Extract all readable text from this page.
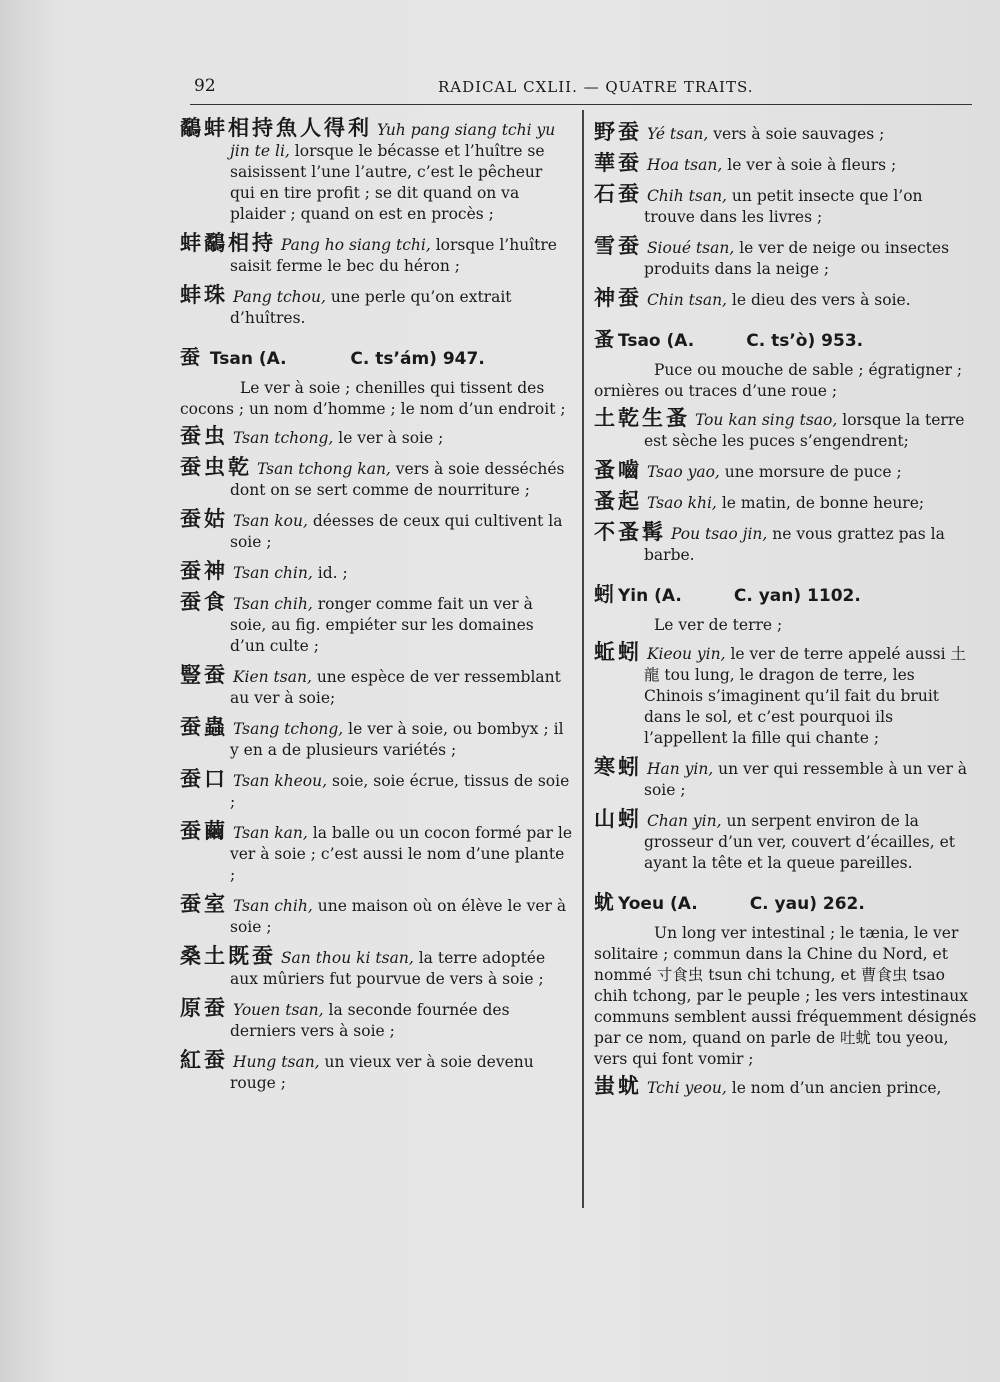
92	RADICAL CXLII. — QUATRE TRAITS.
鷸蚌相持魚人得利 Yuh pang siang tchi yu jin te li, lorsque le bécasse et l’huître se saisissent l’une l’autre, c’est le pêcheur qui en tire profit ; se dit quand on va plaider ; quand on est en procès ;
蚌鷸相持 Pang ho siang tchi, lorsque l’huître saisit ferme le bec du héron ;
蚌珠 Pang tchou, une perle qu’on extrait d’huîtres.
蚕 Tsan (A.	C. ts’ám) 947.
Le ver à soie ; chenilles qui tissent des cocons ; un nom d’homme ; le nom d’un endroit ;
蚕虫 Tsan tchong, le ver à soie ;
蚕虫乾 Tsan tchong kan, vers à soie desséchés dont on se sert comme de nourriture ;
蚕姑 Tsan kou, déesses de ceux qui cultivent la soie ;
蚕神 Tsan chin, id. ;
蚕食 Tsan chih, ronger comme fait un ver à soie, au fig. empiéter sur les domaines d’un culte ;
豎蚕 Kien tsan, une espèce de ver ressemblant au ver à soie;
蚕蟲 Tsang tchong, le ver à soie, ou bombyx ; il y en a de plusieurs variétés ;
蚕口 Tsan kheou, soie, soie écrue, tissus de soie ;
蚕繭 Tsan kan, la balle ou un cocon formé par le ver à soie ; c’est aussi le nom d’une plante ;
蚕室 Tsan chih, une maison où on élève le ver à soie ;
桑土既蚕 San thou ki tsan, la terre adoptée aux mûriers fut pourvue de vers à soie ;
原蚕 Youen tsan, la seconde fournée des derniers vers à soie ;
紅蚕 Hung tsan, un vieux ver à soie devenu rouge ;
野蚕 Yé tsan, vers à soie sauvages ;
華蚕 Hoa tsan, le ver à soie à fleurs ;
石蚕 Chih tsan, un petit insecte que l’on trouve dans les livres ;
雪蚕 Sioué tsan, le ver de neige ou insectes produits dans la neige ;
神蚕 Chin tsan, le dieu des vers à soie.
蚤 Tsao (A.	C. ts’ò) 953.
Puce ou mouche de sable ; égratigner ; ornières ou traces d’une roue ;
土乾生蚤 Tou kan sing tsao, lorsque la terre est sèche les puces s’engendrent;
蚤嚙 Tsao yao, une morsure de puce ;
蚤起 Tsao khi, le matin, de bonne heure;
不蚤髯 Pou tsao jin, ne vous grattez pas la barbe.
蚓 Yin (A.	C. yan) 1102.
Le ver de terre ;
蚯蚓 Kieou yin, le ver de terre appelé aussi 土龍 tou lung, le dragon de terre, les Chinois s’imaginent qu’il fait du bruit dans le sol, et c’est pourquoi ils l’appellent la fille qui chante ;
寒蚓 Han yin, un ver qui ressemble à un ver à soie ;
山蚓 Chan yin, un serpent environ de la grosseur d’un ver, couvert d’écailles, et ayant la tête et la queue pareilles.
蚘 Yoeu (A.	C. yau) 262.
Un long ver intestinal ; le tænia, le ver solitaire ; commun dans la Chine du Nord, et nommé 寸食虫 tsun chi tchung, et 曹食虫 tsao chih tchong, par le peuple ; les vers intestinaux communs semblent aussi fréquemment désignés par ce nom, quand on parle de 吐蚘 tou yeou, vers qui font vomir ;
蚩蚘 Tchi yeou, le nom d’un ancien prince,
